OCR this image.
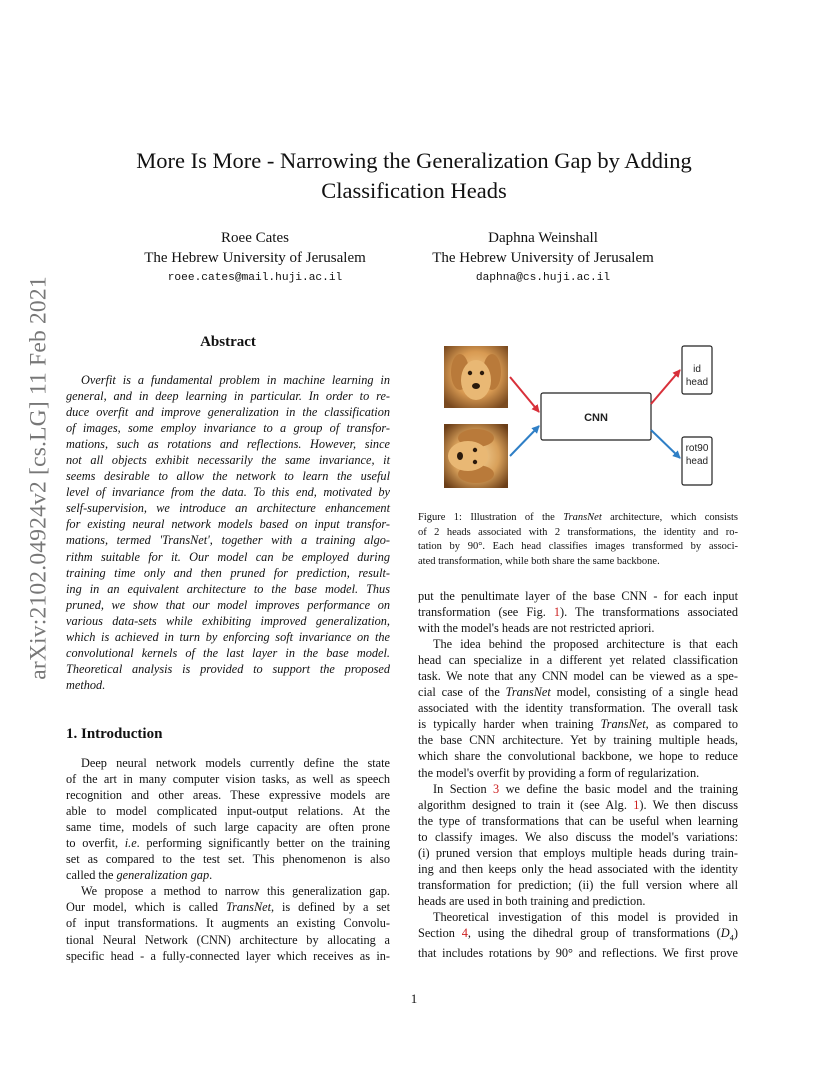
More Is More - Narrowing the Generalization Gap by Adding
Classification Heads
Roee Cates
The Hebrew University of Jerusalem
roee.cates@mail.huji.ac.il
Daphna Weinshall
The Hebrew University of Jerusalem
daphna@cs.huji.ac.il
arXiv:2102.04924v2 [cs.LG] 11 Feb 2021	Abstract
Overfit is a fundamental problem in machine learning in
general, and in deep learning in particular. In order to re-
duce overfit and improve generalization in the classification
of images, some employ invariance to a group of transfor-
mations, such as rotations and reflections. However, since
not all objects exhibit necessarily the same invariance, it
seems desirable to allow the network to learn the useful
level of invariance from the data. To this end, motivated by
self-supervision, we introduce an architecture enhancement
for existing neural network models based on input transfor-
mations, termed 'TransNet', together with a training algo-
rithm suitable for it. Our model can be employed during
training time only and then pruned for prediction, result-
ing in an equivalent architecture to the base model. Thus
pruned, we show that our model improves performance on
various data-sets while exhibiting improved generalization,
which is achieved in turn by enforcing soft invariance on the
convolutional kernels of the last layer in the base model.
Theoretical analysis is provided to support the proposed
method.
1. Introduction
Deep neural network models currently define the state
of the art in many computer vision tasks, as well as speech
recognition and other areas. These expressive models are
able to model complicated input-output relations. At the
same time, models of such large capacity are often prone
to overfit, i.e. performing significantly better on the training
set as compared to the test set. This phenomenon is also
called the generalization gap.
We propose a method to narrow this generalization gap.
Our model, which is called TransNet, is defined by a set
of input transformations. It augments an existing Convolu-
tional Neural Network (CNN) architecture by allocating a
specific head - a fully-connected layer which receives as in-
CNN
id
head
rot90
head
Figure 1: Illustration of the TransNet architecture, which consists
of 2 heads associated with 2 transformations, the identity and ro-
tation by 90°. Each head classifies images transformed by associ-
ated transformation, while both share the same backbone.
put the penultimate layer of the base CNN - for each input
transformation (see Fig. 1). The transformations associated
with the model's heads are not restricted apriori.
The idea behind the proposed architecture is that each
head can specialize in a different yet related classification
task. We note that any CNN model can be viewed as a spe-
cial case of the TransNet model, consisting of a single head
associated with the identity transformation. The overall task
is typically harder when training TransNet, as compared to
the base CNN architecture. Yet by training multiple heads,
which share the convolutional backbone, we hope to reduce
the model's overfit by providing a form of regularization.
In Section 3 we define the basic model and the training
algorithm designed to train it (see Alg. 1). We then discuss
the type of transformations that can be useful when learning
to classify images. We also discuss the model's variations:
(i) pruned version that employs multiple heads during train-
ing and then keeps only the head associated with the identity
transformation for prediction; (ii) the full version where all
heads are used in both training and prediction.
Theoretical investigation of this model is provided in
Section 4, using the dihedral group of transformations $(D_4)$
that includes rotations by 90° and reflections. We first prove
1
